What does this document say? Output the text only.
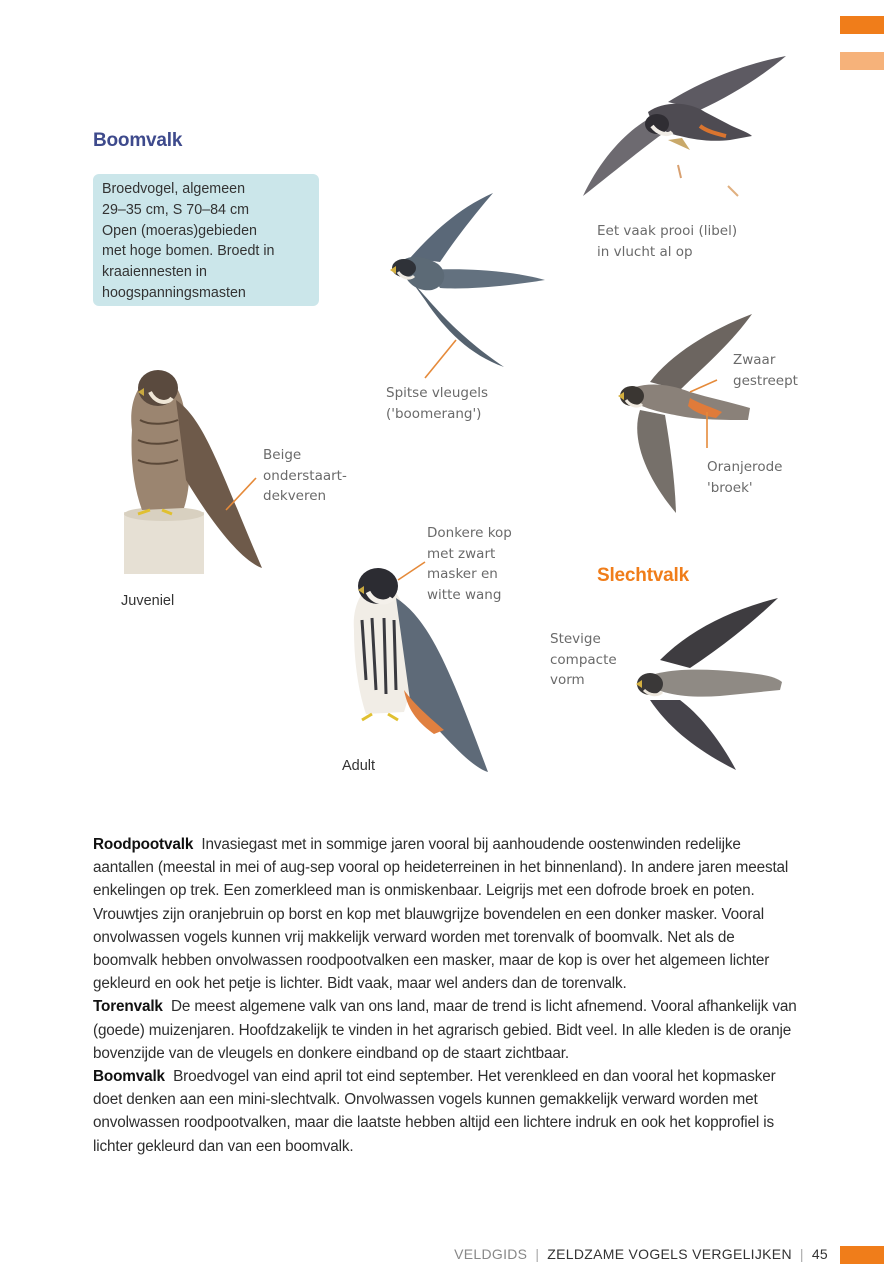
Boomvalk
Slechtvalk
Broedvogel, algemeen
29–35 cm, S 70–84 cm
Open (moeras)gebieden
met hoge bomen. Broedt in
kraaiennesten in
hoogspanningsmasten
Eet vaak prooi (libel)
in vlucht al op
Spitse vleugels
('boomerang')
Zwaar
gestreept
Oranjerode
'broek'
Beige
onderstaart-
dekveren
Donkere kop
met zwart
masker en
witte wang
Stevige
compacte
vorm
Juveniel
Adult

Roodpootvalk Invasiegast met in sommige jaren vooral bij aanhoudende oostenwinden redelijke aantallen (meestal in mei of aug-sep vooral op heideterreinen in het binnenland). In andere jaren meestal enkelingen op trek. Een zomerkleed man is onmiskenbaar. Leigrijs met een dofrode broek en poten. Vrouwtjes zijn oranjebruin op borst en kop met blauwgrijze bovendelen en een donker masker. Vooral onvolwassen vogels kunnen vrij makkelijk verward worden met torenvalk of boomvalk. Net als de boomvalk hebben onvolwassen roodpootvalken een masker, maar de kop is over het algemeen lichter gekleurd en ook het petje is lichter. Bidt vaak, maar wel anders dan de torenvalk.

Torenvalk De meest algemene valk van ons land, maar de trend is licht afnemend. Vooral afhankelijk van (goede) muizenjaren. Hoofdzakelijk te vinden in het agrarisch gebied. Bidt veel. In alle kleden is de oranje bovenzijde van de vleugels en donkere eindband op de staart zichtbaar.

Boomvalk Broedvogel van eind april tot eind september. Het verenkleed en dan vooral het kopmasker doet denken aan een mini-slechtvalk. Onvolwassen vogels kunnen gemakkelijk verward worden met onvolwassen roodpootvalken, maar die laatste hebben altijd een lichtere indruk en ook het kopprofiel is lichter gekleurd dan van een boomvalk.

VELDGIDS | ZELDZAME VOGELS VERGELIJKEN | 45
